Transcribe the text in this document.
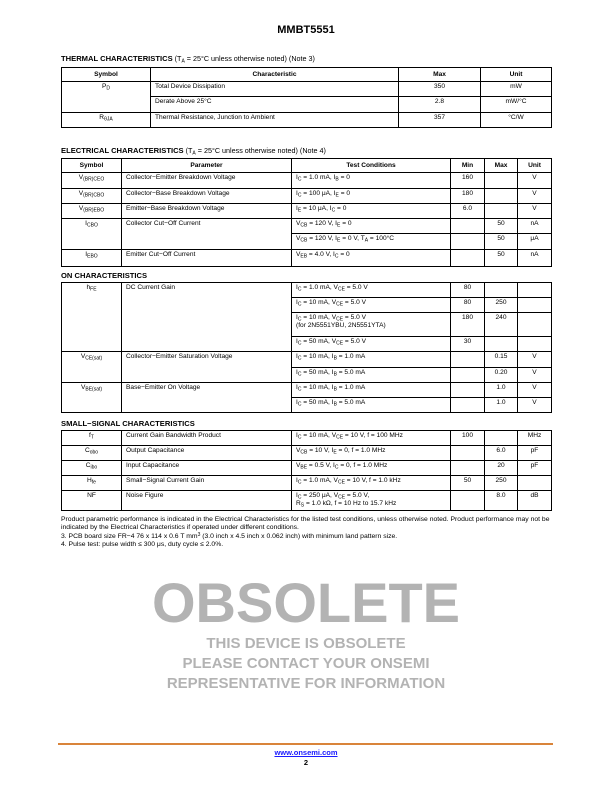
MMBT5551
THERMAL CHARACTERISTICS ($T_A = 25^\circ C$ unless otherwise noted) (Note 3)
Symbol	Characteristic	Max	Unit
$P_D$	Total Device Dissipation	350	mW
	Derate Above 25°C	2.8	mW/°C
$R_{\theta JA}$	Thermal Resistance, Junction to Ambient	357	°C/W
ELECTRICAL CHARACTERISTICS ($T_A = 25^\circ C$ unless otherwise noted) (Note 4)
Symbol	Parameter	Test Conditions	Min	Max	Unit
$V_{(BR)CEO}$	Collector−Emitter Breakdown Voltage	$I_C = 1.0$ mA, $I_B = 0$	160		V
$V_{(BR)CBO}$	Collector−Base Breakdown Voltage	$I_C = 100$ μA, $I_E = 0$	180		V
$V_{(BR)EBO}$	Emitter−Base Breakdown Voltage	$I_E = 10$ μA, $I_C = 0$	6.0		V
$I_{CBO}$	Collector Cut−Off Current	$V_{CB} = 120$ V, $I_E = 0$		50	nA
		$V_{CB} = 120$ V, $I_E = 0$ V, $T_A = 100^\circ C$		50	μA
$I_{EBO}$	Emitter Cut−Off Current	$V_{EB} = 4.0$ V, $I_C = 0$		50	nA
ON CHARACTERISTICS
$h_{FE}$	DC Current Gain	$I_C = 1.0$ mA, $V_{CE} = 5.0$ V	80		
		$I_C = 10$ mA, $V_{CE} = 5.0$ V	80	250	
		$I_C = 10$ mA, $V_{CE} = 5.0$ V
(for 2N5551YBU, 2N5551YTA)	180	240	
		$I_C = 50$ mA, $V_{CE} = 5.0$ V	30		
$V_{CE(sat)}$	Collector−Emitter Saturation Voltage	$I_C = 10$ mA, $I_B = 1.0$ mA		0.15	V
		$I_C = 50$ mA, $I_B = 5.0$ mA		0.20	V
$V_{BE(sat)}$	Base−Emitter On Voltage	$I_C = 10$ mA, $I_B = 1.0$ mA		1.0	V
		$I_C = 50$ mA, $I_B = 5.0$ mA		1.0	V
SMALL−SIGNAL CHARACTERISTICS
$f_T$	Current Gain Bandwidth Product	$I_C = 10$ mA, $V_{CE} = 10$ V, f = 100 MHz	100		MHz
$C_{obo}$	Output Capacitance	$V_{CB} = 10$ V, $I_E = 0$, f = 1.0 MHz		6.0	pF
$C_{ibo}$	Input Capacitance	$V_{BE} = 0.5$ V, $I_C = 0$, f = 1.0 MHz		20	pF
$H_{fe}$	Small−Signal Current Gain	$I_C = 1.0$ mA, $V_{CE} = 10$ V, f = 1.0 kHz	50	250	
NF	Noise Figure	$I_C = 250$ μA, $V_{CE} = 5.0$ V,
$R_S = 1.0$ kΩ, f = 10 Hz to 15.7 kHz		8.0	dB
Product parametric performance is indicated in the Electrical Characteristics for the listed test conditions, unless otherwise noted. Product performance may not be indicated by the Electrical Characteristics if operated under different conditions.
3. PCB board size FR−4 76 x 114 x 0.6 T $mm^3$ (3.0 inch x 4.5 inch x 0.062 inch) with minimum land pattern size.
4. Pulse test: pulse width ≤ 300 μs, duty cycle ≤ 2.0%.
OBSOLETE
THIS DEVICE IS OBSOLETE
PLEASE CONTACT YOUR ONSEMI
REPRESENTATIVE FOR INFORMATION
www.onsemi.com
2
